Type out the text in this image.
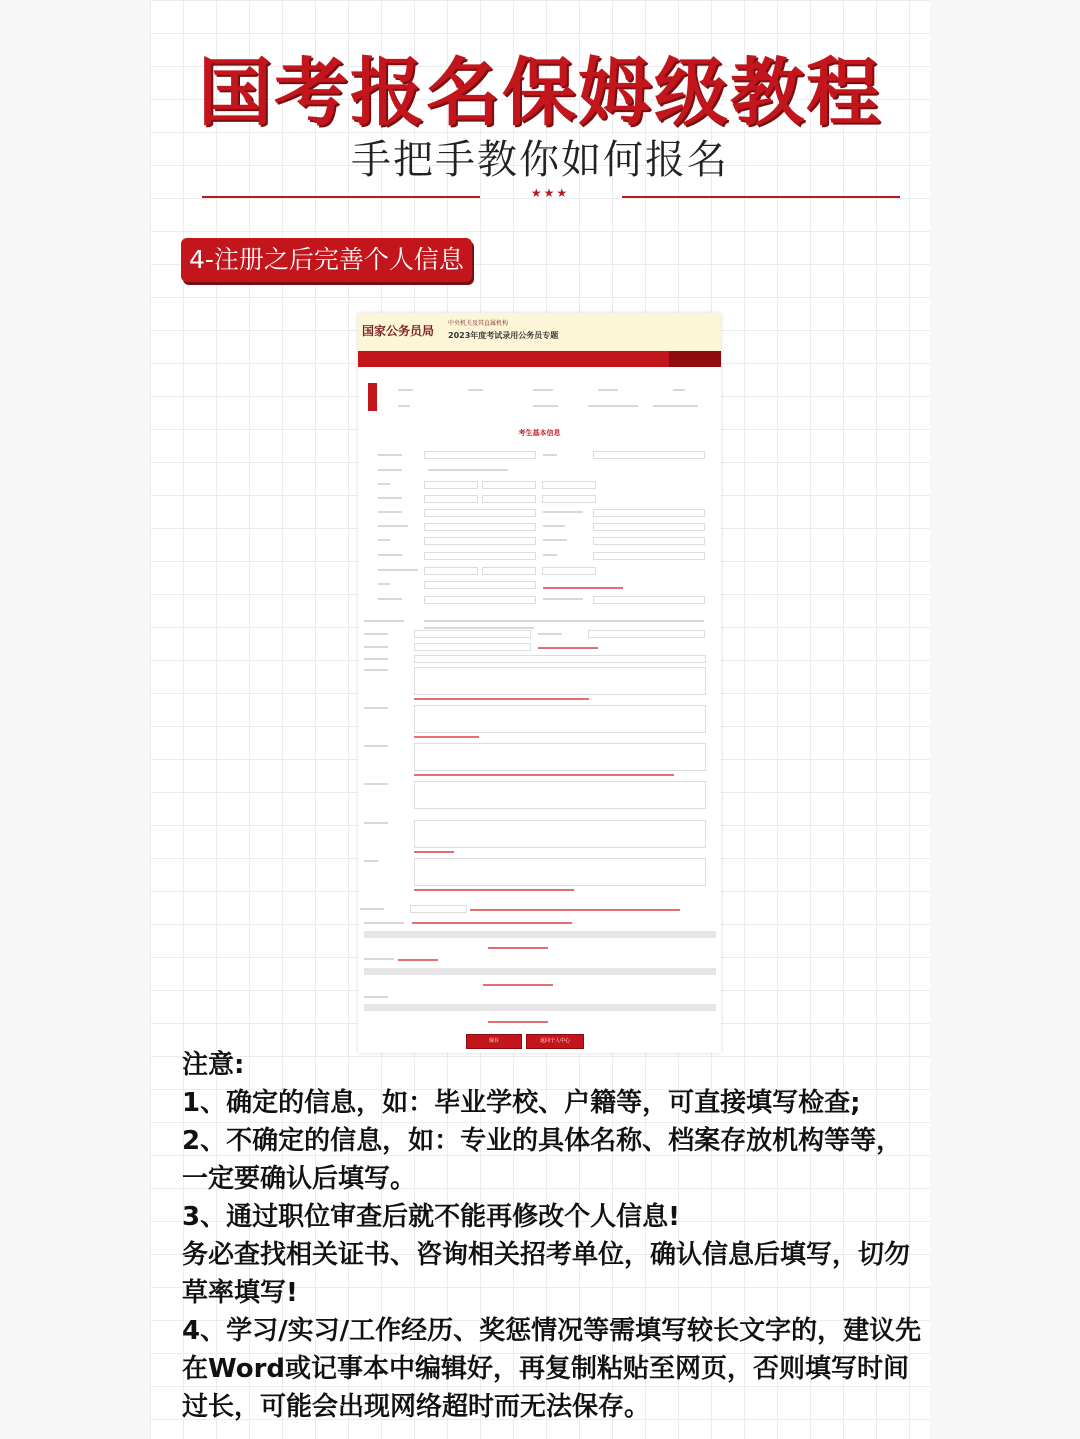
国考报名保姆级教程
手把手教你如何报名
★★★
4-注册之后完善个人信息
国家公务员局
中央机关及其直属机构
2023年度考试录用公务员专题
考生基本信息
保存	返回个人中心

注意:

1、确定的信息，如：毕业学校、户籍等，可直接填写检查;

2、不确定的信息，如：专业的具体名称、档案存放机构等等，一定要确认后填写。

3、通过职位审查后就不能再修改个人信息!

务必查找相关证书、咨询相关招考单位，确认信息后填写，切勿草率填写!

4、学习/实习/工作经历、奖惩情况等需填写较长文字的，建议先在Word或记事本中编辑好，再复制粘贴至网页，否则填写时间过长，可能会出现网络超时而无法保存。
